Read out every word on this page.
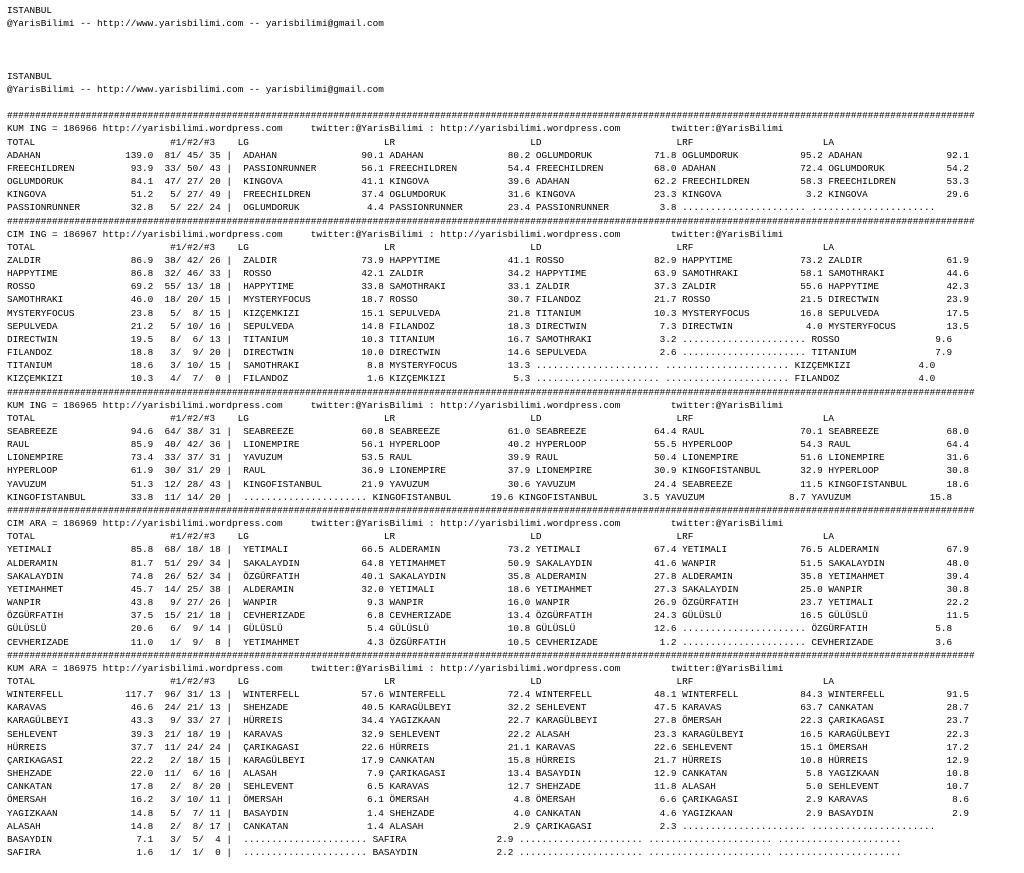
ISTANBUL
@YarisBilimi -- http://www.yarisbilimi.com -- yarisbilimi@gmail.com

ISTANBUL
@YarisBilimi -- http://www.yarisbilimi.com -- yarisbilimi@gmail.com

############################################################################################################################################################################
KUM ING = 186966 http://yarisbilimi.wordpress.com     twitter:@YarisBilimi : http://yarisbilimi.wordpress.com         twitter:@YarisBilimi
TOTAL                        #1/#2/#3    LG                        LR                        LD                        LRF                       LA
ADAHAN               139.0  81/ 45/ 35 |  ADAHAN               90.1 ADAHAN               80.2 OGLUMDORUK           71.8 OGLUMDORUK           95.2 ADAHAN               92.1
FREECHILDREN          93.9  33/ 50/ 43 |  PASSIONRUNNER        56.1 FREECHILDREN         54.4 FREECHILDREN         68.0 ADAHAN               72.4 OGLUMDORUK           54.2
OGLUMDORUK            84.1  47/ 27/ 20 |  KINGOVA              41.1 KINGOVA              39.6 ADAHAN               62.2 FREECHILDREN         58.3 FREECHILDREN         53.3
KINGOVA               51.2   5/ 27/ 49 |  FREECHILDREN         37.4 OGLUMDORUK           31.6 KINGOVA              23.3 KINGOVA               3.2 KINGOVA              29.6
PASSIONRUNNER         32.8   5/ 22/ 24 |  OGLUMDORUK            4.4 PASSIONRUNNER        23.4 PASSIONRUNNER         3.8 ...................... ......................
############################################################################################################################################################################
CIM ING = 186967 http://yarisbilimi.wordpress.com     twitter:@YarisBilimi : http://yarisbilimi.wordpress.com         twitter:@YarisBilimi
TOTAL                        #1/#2/#3    LG                        LR                        LD                        LRF                       LA
ZALDIR                86.9  38/ 42/ 26 |  ZALDIR               73.9 HAPPYTIME            41.1 ROSSO                82.9 HAPPYTIME            73.2 ZALDIR               61.9
HAPPYTIME             86.8  32/ 46/ 33 |  ROSSO                42.1 ZALDIR               34.2 HAPPYTIME            63.9 SAMOTHRAKI           58.1 SAMOTHRAKI           44.6
ROSSO                 69.2  55/ 13/ 18 |  HAPPYTIME            33.8 SAMOTHRAKI           33.1 ZALDIR               37.3 ZALDIR               55.6 HAPPYTIME            42.3
SAMOTHRAKI            46.0  18/ 20/ 15 |  MYSTERYFOCUS         18.7 ROSSO                30.7 FILANDOZ             21.7 ROSSO                21.5 DIRECTWIN            23.9
MYSTERYFOCUS          23.8   5/  8/ 15 |  KIZÇEMKIZI           15.1 SEPULVEDA            21.8 TITANIUM             10.3 MYSTERYFOCUS         16.8 SEPULVEDA            17.5
SEPULVEDA             21.2   5/ 10/ 16 |  SEPULVEDA            14.8 FILANDOZ             18.3 DIRECTWIN             7.3 DIRECTWIN             4.0 MYSTERYFOCUS         13.5
DIRECTWIN             19.5   8/  6/ 13 |  TITANIUM             10.3 TITANIUM             16.7 SAMOTHRAKI            3.2 ...................... ROSSO                 9.6
FILANDOZ              18.8   3/  9/ 20 |  DIRECTWIN            10.0 DIRECTWIN            14.6 SEPULVEDA             2.6 ...................... TITANIUM              7.9
TITANIUM              18.6   3/ 10/ 15 |  SAMOTHRAKI            8.8 MYSTERYFOCUS         13.3 ...................... ...................... KIZÇEMKIZI            4.0
KIZÇEMKIZI            10.3   4/  7/  0 |  FILANDOZ              1.6 KIZÇEMKIZI            5.3 ...................... ...................... FILANDOZ              4.0
############################################################################################################################################################################
KUM ING = 186965 http://yarisbilimi.wordpress.com     twitter:@YarisBilimi : http://yarisbilimi.wordpress.com         twitter:@YarisBilimi
TOTAL                        #1/#2/#3    LG                        LR                        LD                        LRF                       LA
SEABREEZE             94.6  64/ 38/ 31 |  SEABREEZE            60.8 SEABREEZE            61.0 SEABREEZE            64.4 RAUL                 70.1 SEABREEZE            68.0
RAUL                  85.9  40/ 42/ 36 |  LIONEMPIRE           56.1 HYPERLOOP            40.2 HYPERLOOP            55.5 HYPERLOOP            54.3 RAUL                 64.4
LIONEMPIRE            73.4  33/ 37/ 31 |  YAVUZUM              53.5 RAUL                 39.9 RAUL                 50.4 LIONEMPIRE           51.6 LIONEMPIRE           31.6
HYPERLOOP             61.9  30/ 31/ 29 |  RAUL                 36.9 LIONEMPIRE           37.9 LIONEMPIRE           30.9 KINGOFISTANBUL       32.9 HYPERLOOP            30.8
YAVUZUM               51.3  12/ 28/ 43 |  KINGOFISTANBUL       21.9 YAVUZUM              30.6 YAVUZUM              24.4 SEABREEZE            11.5 KINGOFISTANBUL       18.6
KINGOFISTANBUL        33.8  11/ 14/ 20 |  ...................... KINGOFISTANBUL       19.6 KINGOFISTANBUL        3.5 YAVUZUM               8.7 YAVUZUM              15.8
############################################################################################################################################################################
CIM ARA = 186969 http://yarisbilimi.wordpress.com     twitter:@YarisBilimi : http://yarisbilimi.wordpress.com         twitter:@YarisBilimi
TOTAL                        #1/#2/#3    LG                        LR                        LD                        LRF                       LA
YETIMALI              85.8  68/ 18/ 18 |  YETIMALI             66.5 ALDERAMIN            73.2 YETIMALI             67.4 YETIMALI             76.5 ALDERAMIN            67.9
ALDERAMIN             81.7  51/ 29/ 34 |  SAKALAYDIN           64.8 YETIMAHMET           50.9 SAKALAYDIN           41.6 WANPIR               51.5 SAKALAYDIN           48.0
SAKALAYDIN            74.8  26/ 52/ 34 |  ÖZGÜRFATIH           40.1 SAKALAYDIN           35.8 ALDERAMIN            27.8 ALDERAMIN            35.8 YETIMAHMET           39.4
YETIMAHMET            45.7  14/ 25/ 38 |  ALDERAMIN            32.0 YETIMALI             18.6 YETIMAHMET           27.3 SAKALAYDIN           25.0 WANPIR               30.8
WANPIR                43.8   9/ 27/ 26 |  WANPIR                9.3 WANPIR               16.0 WANPIR               26.9 ÖZGÜRFATIH           23.7 YETIMALI             22.2
ÖZGÜRFATIH            37.5  15/ 21/ 18 |  CEVHERIZADE           6.8 CEVHERIZADE          13.4 ÖZGÜRFATIH           24.3 GÜLÜSLÜ              16.5 GÜLÜSLÜ              11.5
GÜLÜSLÜ               20.6   6/  9/ 14 |  GÜLÜSLÜ               5.4 GÜLÜSLÜ              10.8 GÜLÜSLÜ              12.6 ...................... ÖZGÜRFATIH            5.8
CEVHERIZADE           11.0   1/  9/  8 |  YETIMAHMET            4.3 ÖZGÜRFATIH           10.5 CEVHERIZADE           1.2 ...................... CEVHERIZADE           3.6
############################################################################################################################################################################
KUM ARA = 186975 http://yarisbilimi.wordpress.com     twitter:@YarisBilimi : http://yarisbilimi.wordpress.com         twitter:@YarisBilimi
TOTAL                        #1/#2/#3    LG                        LR                        LD                        LRF                       LA
WINTERFELL           117.7  96/ 31/ 13 |  WINTERFELL           57.6 WINTERFELL           72.4 WINTERFELL           48.1 WINTERFELL           84.3 WINTERFELL           91.5
KARAVAS               46.6  24/ 21/ 13 |  SHEHZADE             40.5 KARAGÜLBEYI          32.2 SEHLEVENT            47.5 KARAVAS              63.7 CANKATAN             28.7
KARAGÜLBEYI           43.3   9/ 33/ 27 |  HÜRREIS              34.4 YAGIZKAAN            22.7 KARAGÜLBEYI          27.8 ÖMERSAH              22.3 ÇARIKAGASI           23.7
SEHLEVENT             39.3  21/ 18/ 19 |  KARAVAS              32.9 SEHLEVENT            22.2 ALASAH               23.3 KARAGÜLBEYI          16.5 KARAGÜLBEYI          22.3
HÜRREIS               37.7  11/ 24/ 24 |  ÇARIKAGASI           22.6 HÜRREIS              21.1 KARAVAS              22.6 SEHLEVENT            15.1 ÖMERSAH              17.2
ÇARIKAGASI            22.2   2/ 18/ 15 |  KARAGÜLBEYI          17.9 CANKATAN             15.8 HÜRREIS              21.7 HÜRREIS              10.8 HÜRREIS              12.9
SHEHZADE              22.0  11/  6/ 16 |  ALASAH                7.9 ÇARIKAGASI           13.4 BASAYDIN             12.9 CANKATAN              5.8 YAGIZKAAN            10.8
CANKATAN              17.8   2/  8/ 20 |  SEHLEVENT             6.5 KARAVAS              12.7 SHEHZADE             11.8 ALASAH                5.0 SEHLEVENT            10.7
ÖMERSAH               16.2   3/ 10/ 11 |  ÖMERSAH               6.1 ÖMERSAH               4.8 ÖMERSAH               6.6 ÇARIKAGASI            2.9 KARAVAS               8.6
YAGIZKAAN             14.8   5/  7/ 11 |  BASAYDIN              1.4 SHEHZADE              4.0 CANKATAN              4.6 YAGIZKAAN             2.9 BASAYDIN              2.9
ALASAH                14.8   2/  8/ 17 |  CANKATAN              1.4 ALASAH                2.9 ÇARIKAGASI            2.3 ...................... ......................
BASAYDIN               7.1   3/  5/  4 |  ...................... SAFIRA                2.9 ...................... ...................... ......................
SAFIRA                 1.6   1/  1/  0 |  ...................... BASAYDIN              2.2 ...................... ...................... ......................
